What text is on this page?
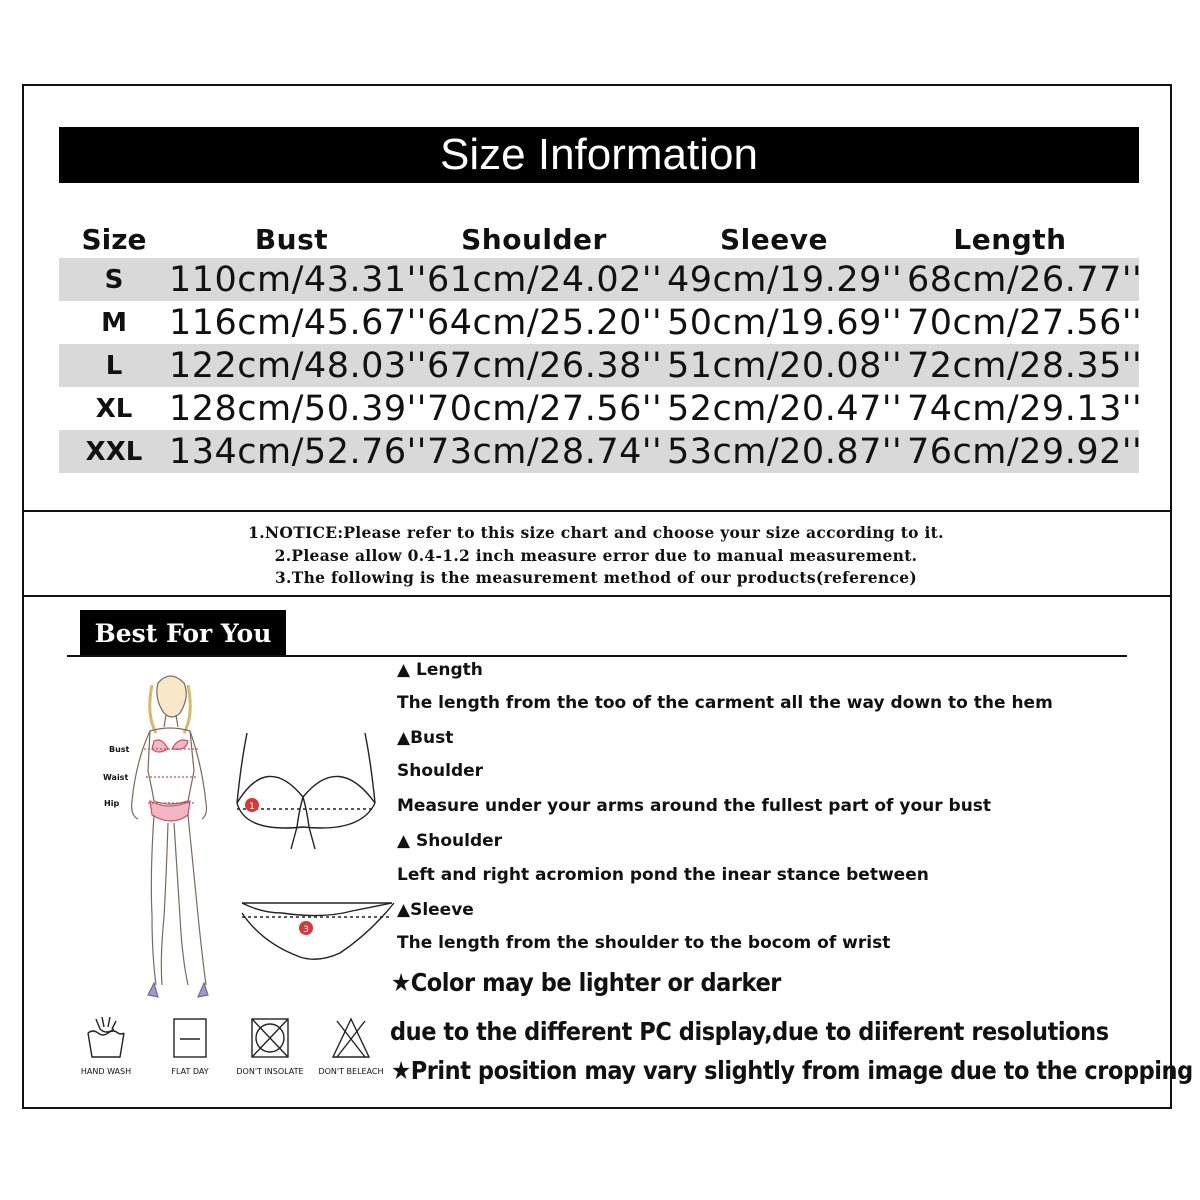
Size Information
Size	Bust	Shoulder	Sleeve	Length
S	110cm/43.31'' 61cm/24.02'' 49cm/19.29'' 68cm/26.77''
M	116cm/45.67'' 64cm/25.20'' 50cm/19.69'' 70cm/27.56''
L	122cm/48.03'' 67cm/26.38'' 51cm/20.08'' 72cm/28.35''
XL	128cm/50.39'' 70cm/27.56'' 52cm/20.47'' 74cm/29.13''
XXL 134cm/52.76'' 73cm/28.74'' 53cm/20.87'' 76cm/29.92''
1.NOTICE:Please refer to this size chart and choose your size according to it.
2.Please allow 0.4-1.2 inch measure error due to manual measurement.
3.The following is the measurement method of our products(reference)
Best For You
Bust
Waist
Hip	1
3
▲ Length
The length from the too of the carment all the way down to the hem
▲Bust
Shoulder
Measure under your arms around the fullest part of your bust
▲ Shoulder
Left and right acromion pond the inear stance between
▲Sleeve
The length from the shoulder to the bocom of wrist
★Color may be lighter or darker
due to the different PC display,due to diiferent resolutions
★Print position may vary slightly from image due to the cropping
HAND WASH	FLAT DAY	DON'T INSOLATE	DON'T BELEACH
